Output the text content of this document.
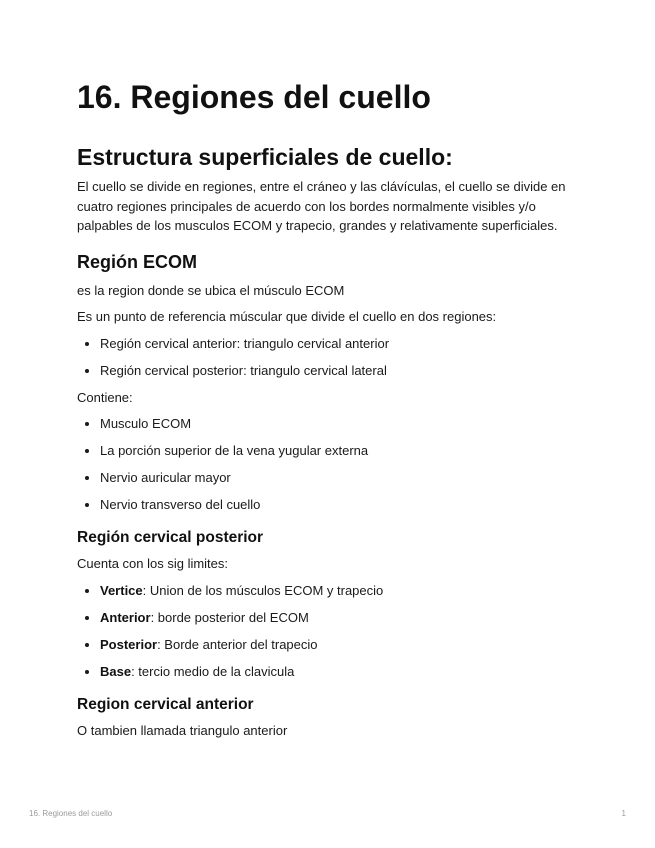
16. Regiones del cuello
Estructura superficiales de cuello:

El cuello se divide en regiones, entre el cráneo y las clávículas, el cuello se divide en cuatro regiones principales de acuerdo con los bordes normalmente visibles y/o palpables de los musculos ECOM y trapecio, grandes y relativamente superficiales.

Región ECOM

es la region donde se ubica el músculo ECOM

Es un punto de referencia múscular que divide el cuello en dos regiones:

• Región cervical anterior: triangulo cervical anterior
• Región cervical posterior: triangulo cervical lateral

Contiene:

• Musculo ECOM
• La porción superior de la vena yugular externa
• Nervio auricular mayor
• Nervio transverso del cuello
Región cervical posterior

Cuenta con los sig limites:

• Vertice: Union de los músculos ECOM y trapecio
• Anterior: borde posterior del ECOM
• Posterior: Borde anterior del trapecio
• Base: tercio medio de la clavicula
Region cervical anterior

O tambien llamada triangulo anterior

16. Regiones del cuello	1
